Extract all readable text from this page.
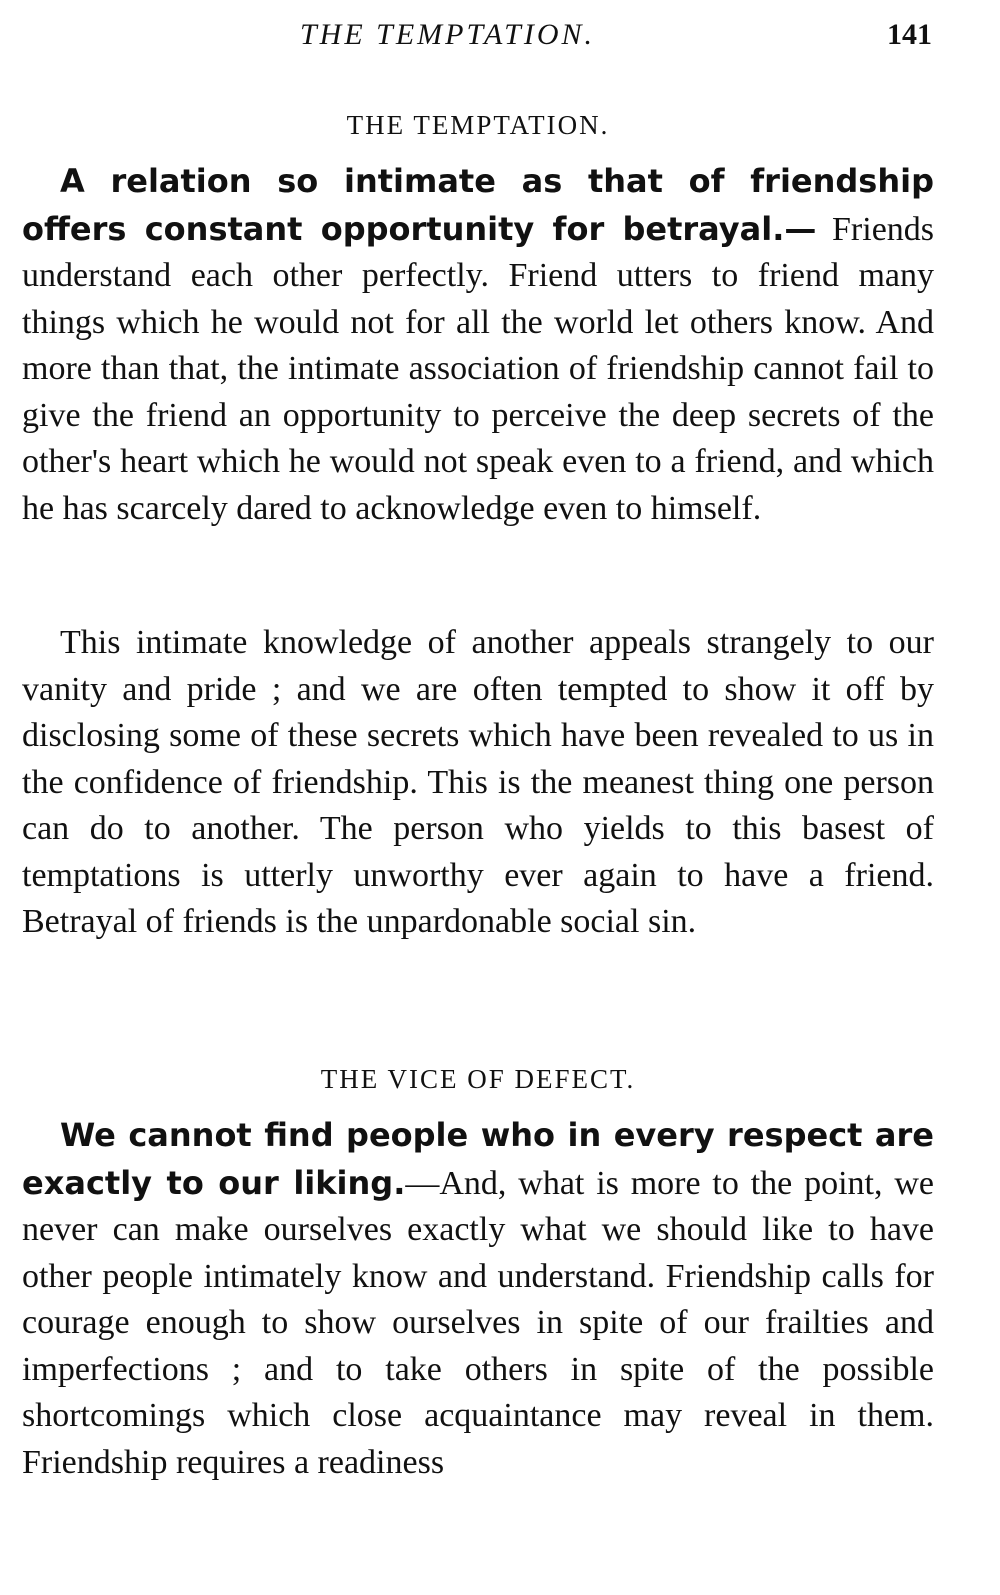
THE TEMPTATION.	141
THE TEMPTATION.

A relation so intimate as that of friendship offers constant opportunity for betrayal.— Friends understand each other perfectly. Friend utters to friend many things which he would not for all the world let others know. And more than that, the intimate association of friendship cannot fail to give the friend an opportunity to perceive the deep secrets of the other's heart which he would not speak even to a friend, and which he has scarcely dared to acknowledge even to himself.

This intimate knowledge of another appeals strangely to our vanity and pride ; and we are often tempted to show it off by disclosing some of these secrets which have been revealed to us in the confidence of friendship. This is the meanest thing one person can do to another. The person who yields to this basest of temptations is utterly unworthy ever again to have a friend. Betrayal of friends is the unpardonable social sin.

THE VICE OF DEFECT.

We cannot find people who in every respect are exactly to our liking.—And, what is more to the point, we never can make ourselves exactly what we should like to have other people intimately know and understand. Friendship calls for courage enough to show ourselves in spite of our frailties and imperfections ; and to take others in spite of the possible shortcomings which close acquaintance may reveal in them. Friendship requires a readiness
